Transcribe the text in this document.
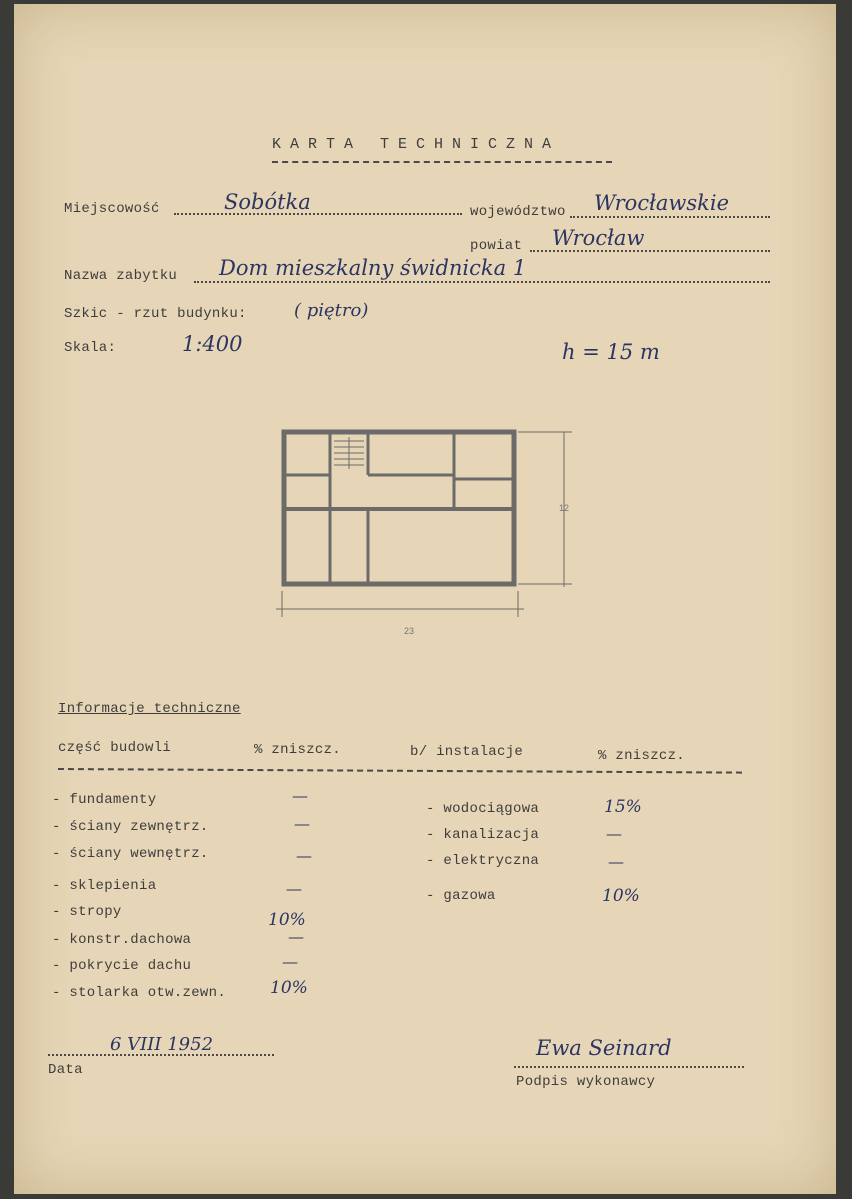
KARTA TECHNICZNA
Miejscowość	Sobótka	województwo Wrocławskie
powiat Wrocław
Nazwa zabytku Dom mieszkalny świdnicka 1
Szkic - rzut budynku:	( piętro)
Skala:	1:400	h = 15 m
23
12
Informacje techniczne
część budowli	% zniszcz.	b/ instalacje	% zniszcz.
- fundamenty	—
- ściany zewnętrz.	—
- ściany wewnętrz.	—
- sklepienia	—
- stropy	10%
- konstr.dachowa	—
- pokrycie dachu	—
- stolarka otw.zewn.	10%
- wodociągowa	15%
- kanalizacja	—
- elektryczna	—
- gazowa	10%
6 VIII 1952
Data
Ewa Seinard
Podpis wykonawcy
